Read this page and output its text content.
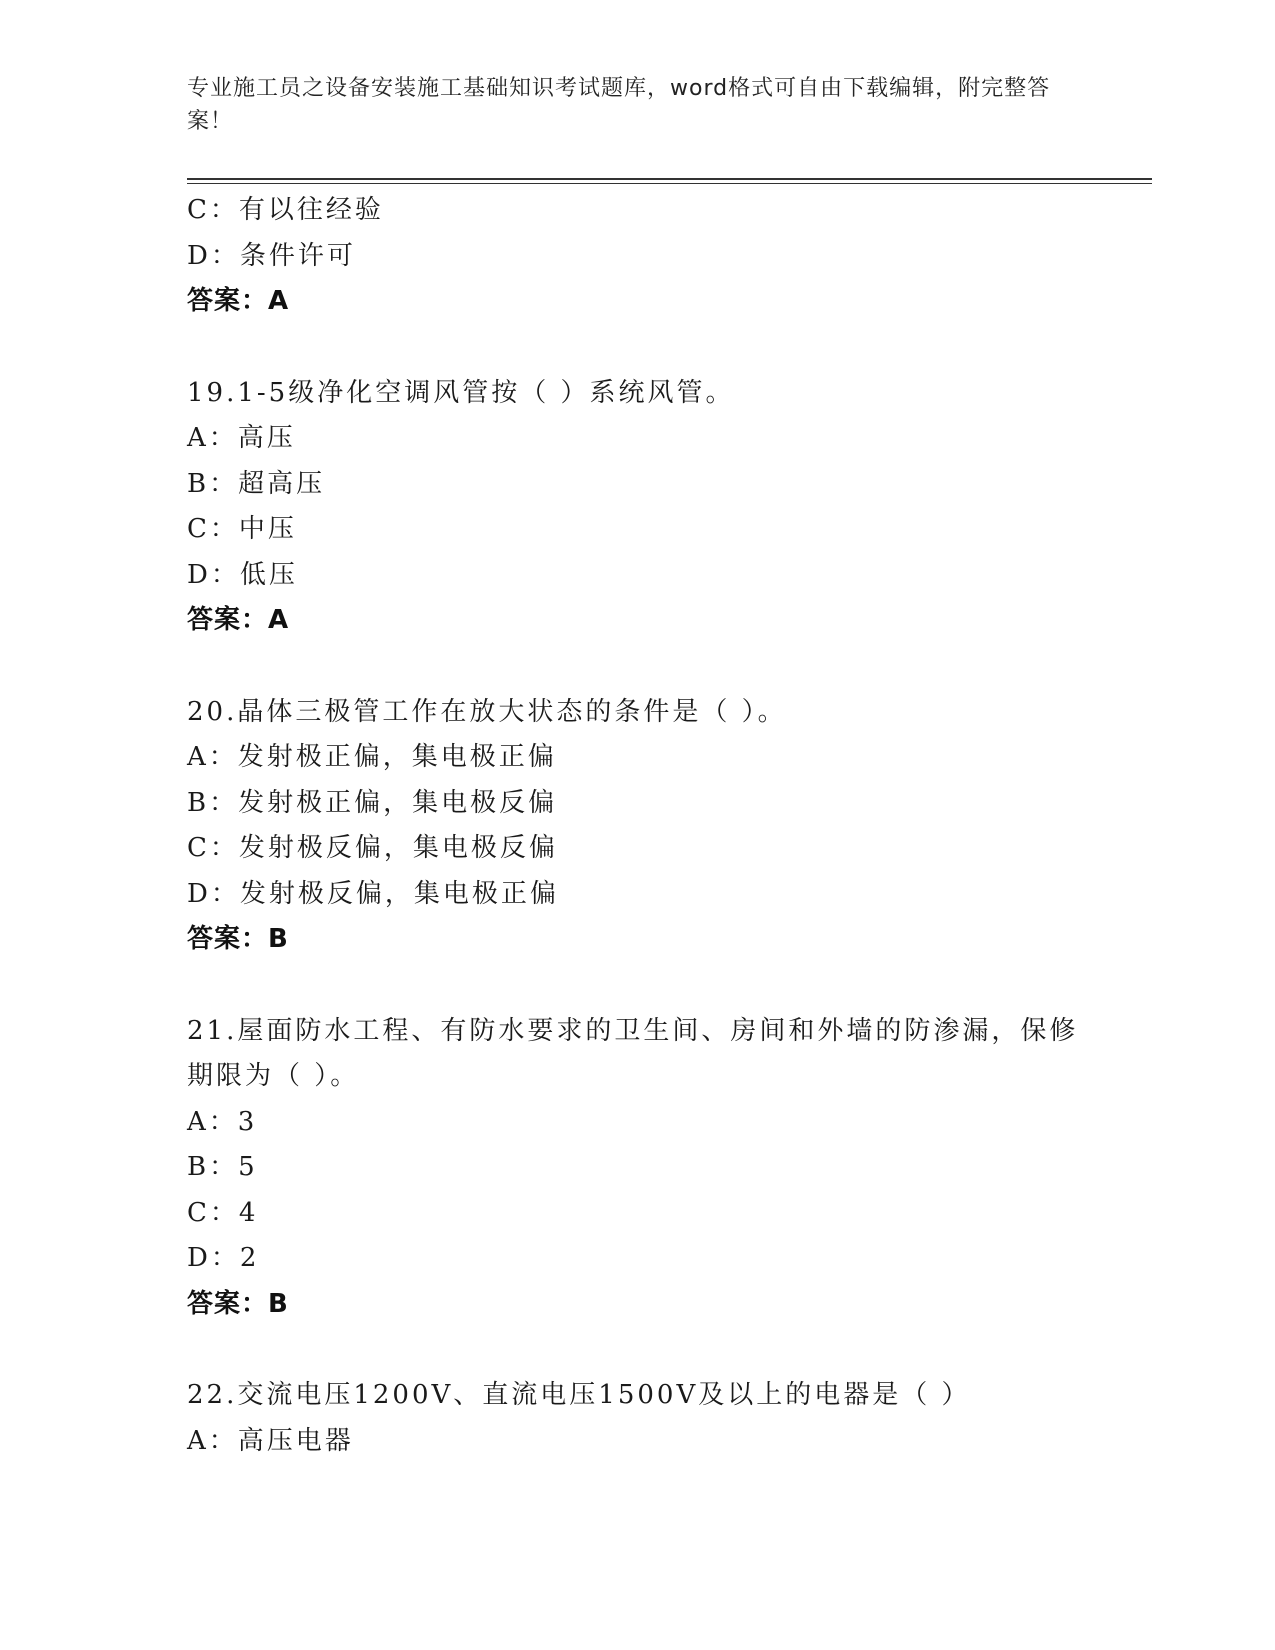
专业施工员之设备安装施工基础知识考试题库，word格式可自由下载编辑，附完整答案！
C：有以往经验
D：条件许可
答案：A
19.1-5级净化空调风管按（ ）系统风管。
A：高压
B：超高压
C：中压
D：低压
答案：A
20.晶体三极管工作在放大状态的条件是（ ）。
A：发射极正偏，集电极正偏
B：发射极正偏，集电极反偏
C：发射极反偏，集电极反偏
D：发射极反偏，集电极正偏
答案：B
21.屋面防水工程、有防水要求的卫生间、房间和外墙的防渗漏，保修
期限为（ ）。
A：3
B：5
C：4
D：2
答案：B
22.交流电压1200V、直流电压1500V及以上的电器是（ ）
A：高压电器
